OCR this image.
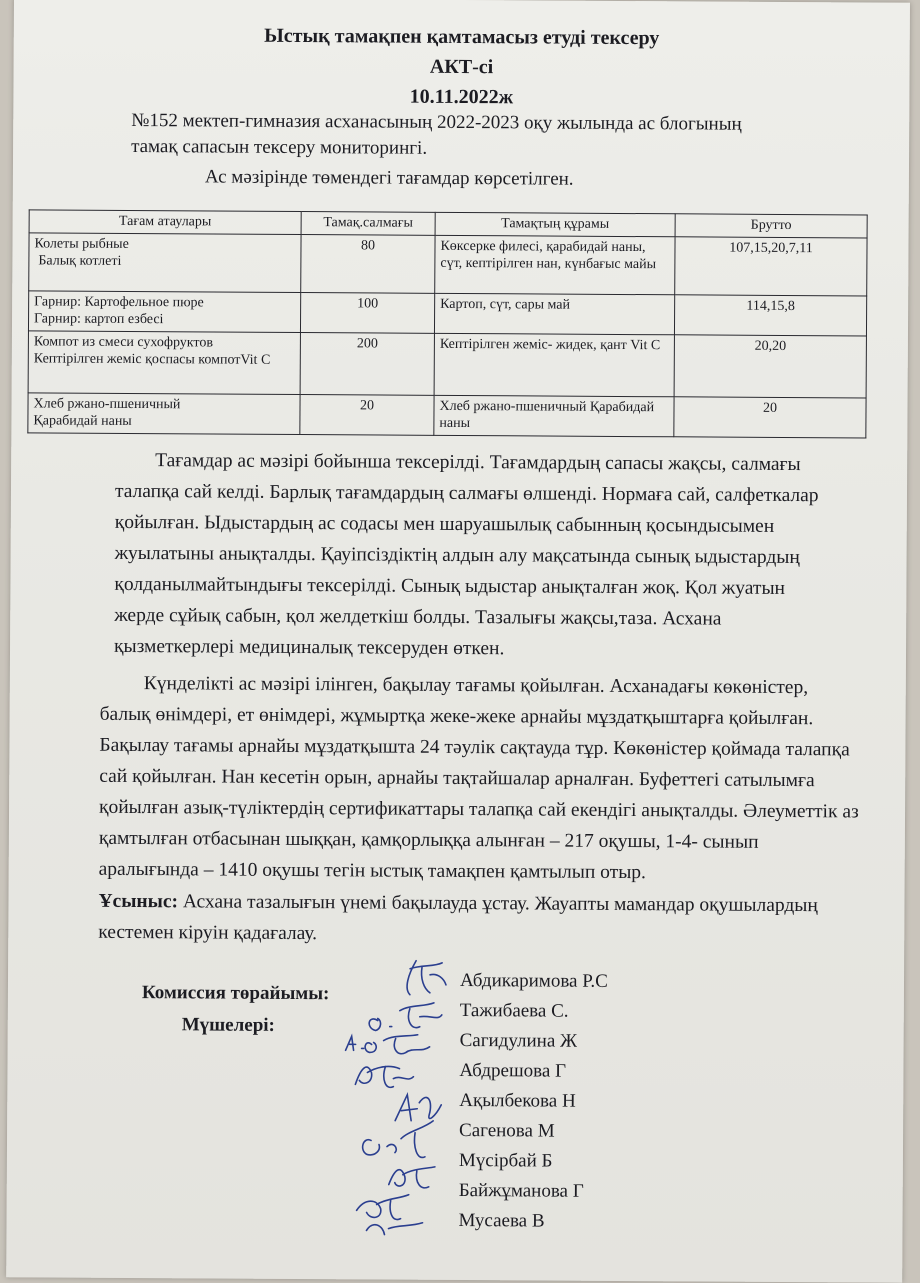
Ыстық тамақпен қамтамасыз етуді тексеру
АКТ-сі
10.11.2022ж
№152 мектеп-гимназия асханасының 2022-2023 оқу жылында ас блогының
тамақ сапасын тексеру мониторингі.
Ас мәзірінде төмендегі тағамдар көрсетілген.
Тағам атаулары	Тамақ.салмағы	Тамақтың құрамы	Брутто

Колеты рыбные
Балық котлеті	80	Көксерке филесі, қарабидай наны, сүт, кептірілген нан, күнбағыс майы	107,15,20,7,11

Гарнир: Картофельное пюре
Гарнир: картоп езбесі	100	Картоп, сүт, сары май	114,15,8

Компот из смеси сухофруктов
Кептірілген жеміс қоспасы компотVit C	200	Кептірілген жеміс- жидек, қант Vit C	20,20

Хлеб ржано-пшеничный
Қарабидай наны	20	Хлеб ржано-пшеничный Қарабидай наны	20
Тағамдар ас мәзірі бойынша тексерілді. Тағамдардың сапасы жақсы, салмағы талапқа сай келді. Барлық тағамдардың салмағы өлшенді. Нормаға сай, салфеткалар қойылған. Ыдыстардың ас содасы мен шаруашылық сабынның қосындысымен жуылатыны анықталды. Қауіпсіздіктің алдын алу мақсатында сынық ыдыстардың қолданылмайтындығы тексерілді. Сынық ыдыстар анықталған жоқ. Қол жуатын жерде сұйық сабын, қол желдеткіш болды. Тазалығы жақсы,таза. Асхана қызметкерлері медициналық тексеруден өткен.
Күнделікті ас мәзірі ілінген, бақылау тағамы қойылған. Асханадағы көкөністер, балық өнімдері, ет өнімдері, жұмыртқа жеке-жеке арнайы мұздатқыштарға қойылған. Бақылау тағамы арнайы мұздатқышта 24 тәулік сақтауда тұр. Көкөністер қоймада талапқа сай қойылған. Нан кесетін орын, арнайы тақтайшалар арналған. Буфеттегі сатылымға қойылған азық-түліктердің сертификаттары талапқа сай екендігі анықталды. Әлеуметтік аз қамтылған отбасынан шыққан, қамқорлыққа алынған – 217 оқушы, 1-4- сынып аралығында – 1410 оқушы тегін ыстық тамақпен қамтылып отыр.
Ұсыныс: Асхана тазалығын үнемі бақылауда ұстау. Жауапты мамандар оқушылардың кестемен кіруін қадағалау.
Комиссия төрайымы:
Мүшелері:
Абдикаримова Р.С
Тажибаева С.
Сагидулина Ж
Абдрешова Г
Ақылбекова Н
Сагенова М
Мүсірбай Б
Байжұманова Г
Мусаева В
